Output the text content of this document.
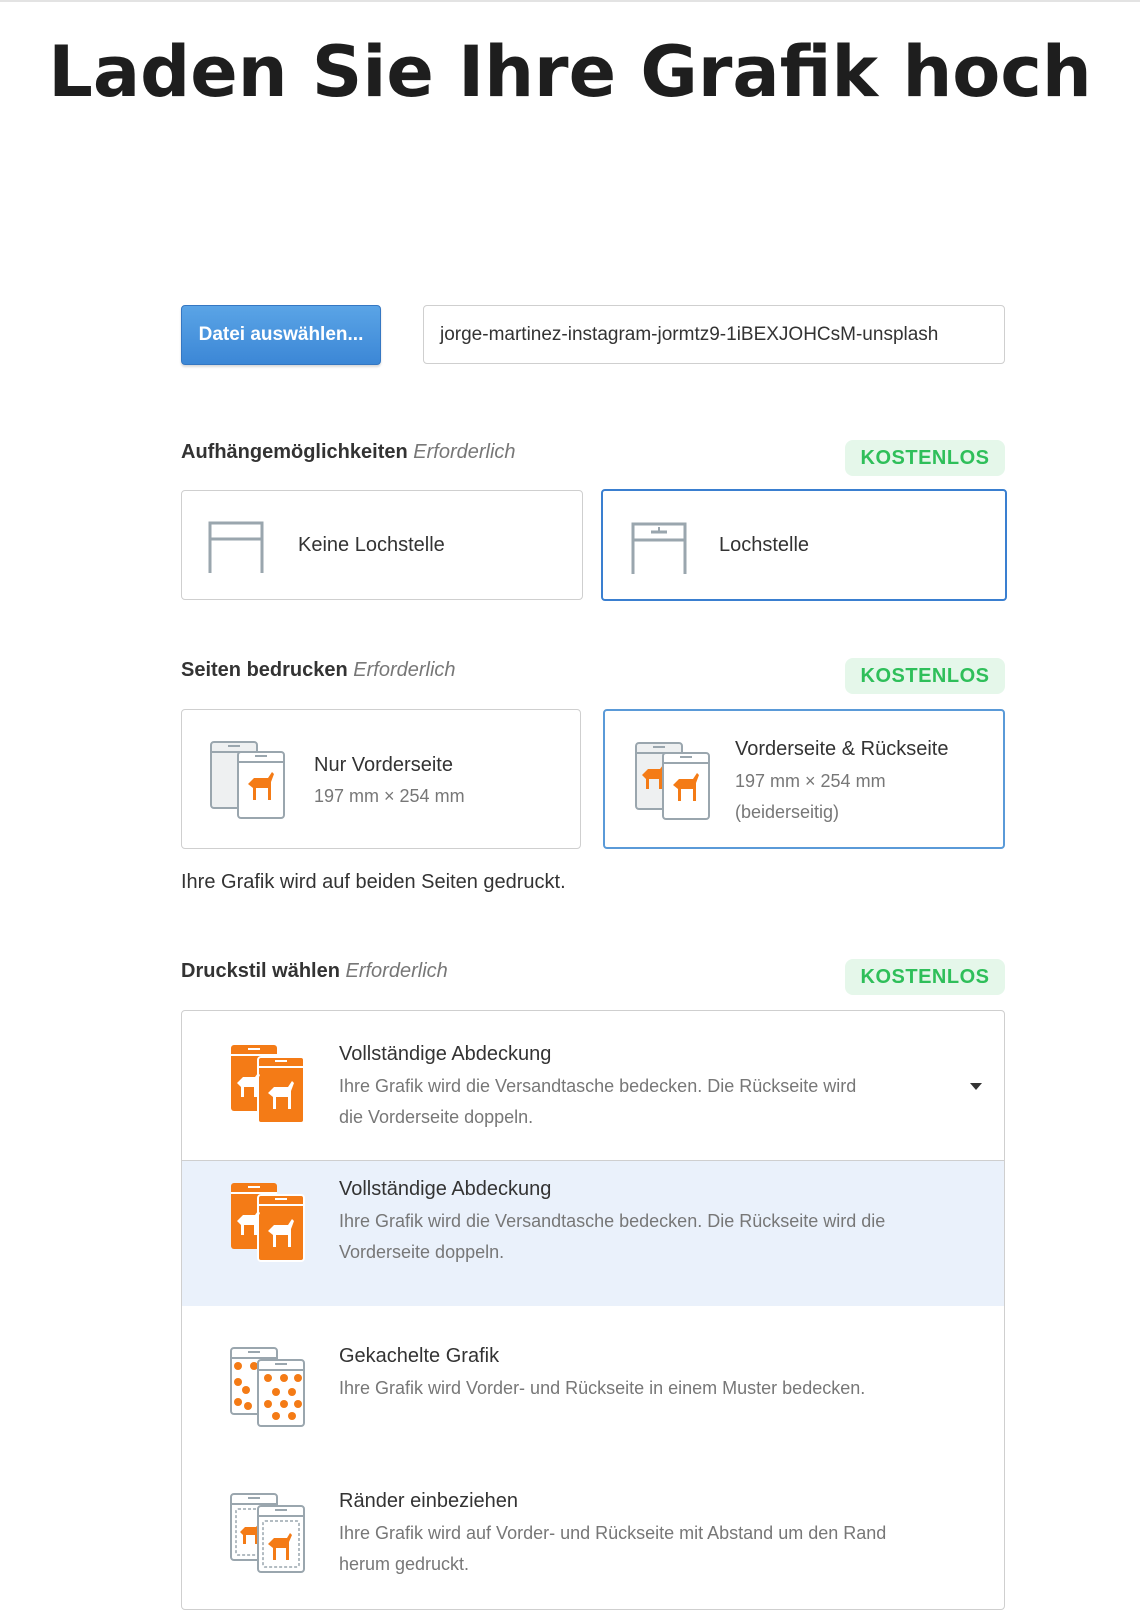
Laden Sie Ihre Grafik hoch
Datei auswählen...	jorge-martinez-instagram-jormtz9-1iBEXJOHCsM-unsplash
Aufhängemöglichkeiten Erforderlich	KOSTENLOS
Keine Lochstelle	Lochstelle
Seiten bedrucken Erforderlich	KOSTENLOS
Nur Vorderseite
197 mm × 254 mm
Vorderseite & Rückseite
197 mm × 254 mm
(beiderseitig)
Ihre Grafik wird auf beiden Seiten gedruckt.
Druckstil wählen Erforderlich	KOSTENLOS
Vollständige Abdeckung
Ihre Grafik wird die Versandtasche bedecken. Die Rückseite wird
die Vorderseite doppeln.
Vollständige Abdeckung
Ihre Grafik wird die Versandtasche bedecken. Die Rückseite wird die
Vorderseite doppeln.
Gekachelte Grafik
Ihre Grafik wird Vorder- und Rückseite in einem Muster bedecken.
Ränder einbeziehen
Ihre Grafik wird auf Vorder- und Rückseite mit Abstand um den Rand
herum gedruckt.
